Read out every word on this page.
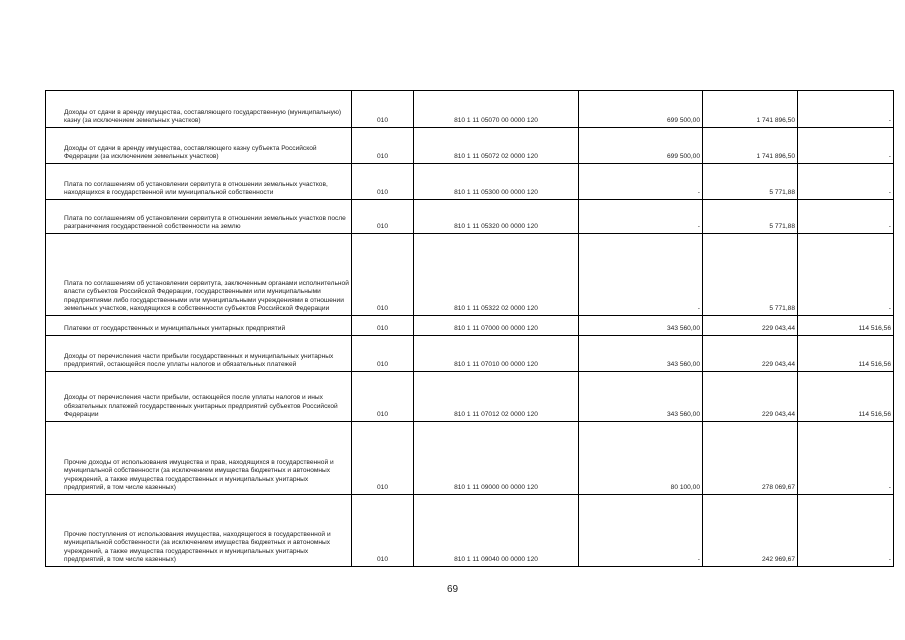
Доходы от сдачи в аренду имущества, составляющего государственную (муниципальную) казну (за исключением земельных участков)	010	810 1 11 05070 00 0000 120	699 500,00	1 741 896,50	-
Доходы от сдачи в аренду имущества, составляющего казну субъекта Российской Федерации (за исключением земельных участков)	010	810 1 11 05072 02 0000 120	699 500,00	1 741 896,50	-
Плата по соглашениям об установлении сервитута в отношении земельных участков, находящихся в государственной или муниципальной собственности	010	810 1 11 05300 00 0000 120	-	5 771,88	-
Плата по соглашениям об установлении сервитута в отношении земельных участков после разграничения государственной собственности на землю	010	810 1 11 05320 00 0000 120	-	5 771,88	-
Плата по соглашениям об установлении сервитута, заключенным органами исполнительной власти субъектов Российской Федерации, государственными или муниципальными предприятиями либо государственными или муниципальными учреждениями в отношении земельных участков, находящихся в собственности субъектов Российской Федерации	010	810 1 11 05322 02 0000 120	-	5 771,88	-
Платежи от государственных и муниципальных унитарных предприятий	010	810 1 11 07000 00 0000 120	343 560,00	229 043,44	114 516,56
Доходы от перечисления части прибыли государственных и муниципальных унитарных предприятий, остающейся после уплаты налогов и обязательных платежей	010	810 1 11 07010 00 0000 120	343 560,00	229 043,44	114 516,56
Доходы от перечисления части прибыли, остающейся после уплаты налогов и иных обязательных платежей государственных унитарных предприятий субъектов Российской Федерации	010	810 1 11 07012 02 0000 120	343 560,00	229 043,44	114 516,56
Прочие доходы от использования имущества и прав, находящихся в государственной и муниципальной собственности (за исключением имущества бюджетных и автономных учреждений, а также имущества государственных и муниципальных унитарных предприятий, в том числе казенных)	010	810 1 11 09000 00 0000 120	80 100,00	278 069,67	-
Прочие поступления от использования имущества, находящегося в государственной и муниципальной собственности (за исключением имущества бюджетных и автономных учреждений, а также имущества государственных и муниципальных унитарных предприятий, в том числе казенных)	010	810 1 11 09040 00 0000 120	-	242 969,67	-
69
